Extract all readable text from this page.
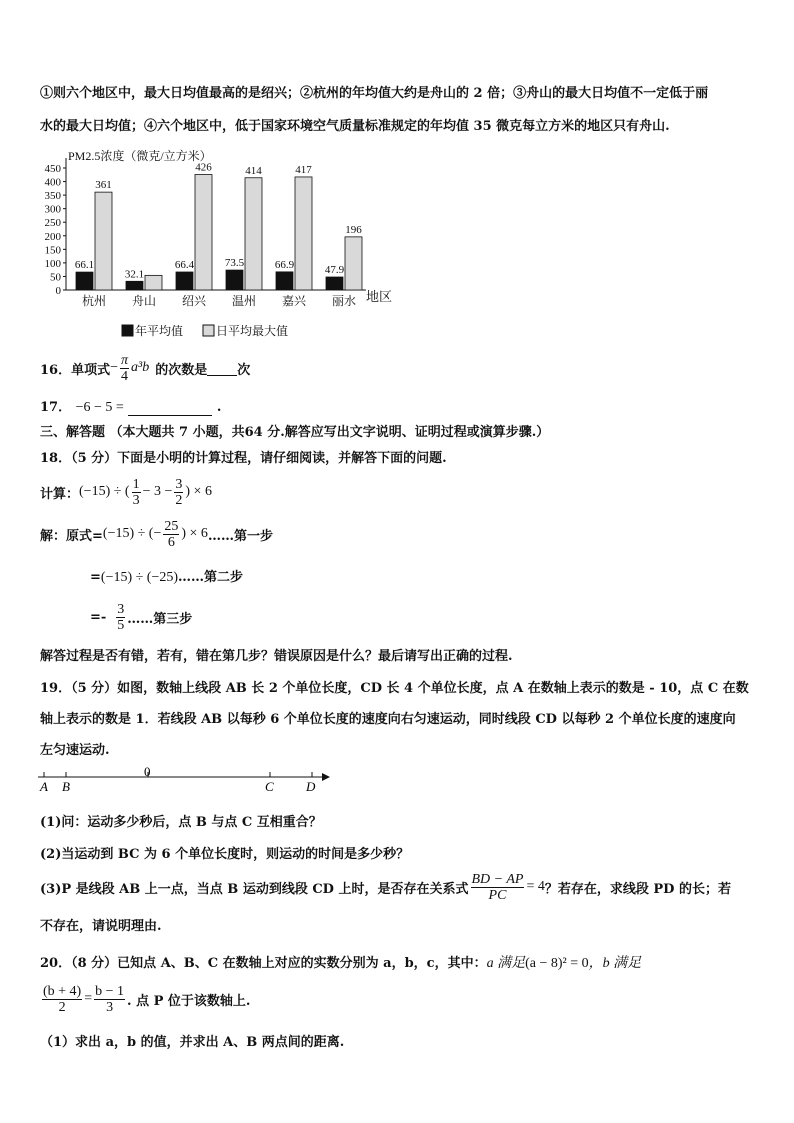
①则六个地区中，最大日均值最高的是绍兴；②杭州的年均值大约是舟山的 2 倍；③舟山的最大日均值不一定低于丽
水的最大日均值；④六个地区中，低于国家环境空气质量标准规定的年均值 35 微克每立方米的地区只有舟山.
PM2.5浓度（微克/立方米）
地区
0
50
100
150
200
250
300
350
400
450
66.1
361
杭州
32.1
舟山
66.4
426
绍兴
73.5
414
温州
66.9
417
嘉兴
47.9
196
丽水
年平均值	日平均最大值
16． 单项式 − $\frac{\pi}{4} a^3b$ 的次数是 次
17． −6 − 5 =	.
三、解答题 （本大题共 7 小题，共64 分.解答应写出文字说明、证明过程或演算步骤.）
18．（5 分）下面是小明的计算过程，请仔细阅读，并解答下面的问题.
计算： (−15) ÷ ( $\frac{1}{3} - 3 - \frac{3}{2}$ ) × 6
解：原式= (−15) ÷ (− $\frac{25}{6}$ ) × 6 ……第一步
=(−15) ÷ (−25)……第二步
=- $\frac{3}{5}$ ……第三步
解答过程是否有错，若有，错在第几步？错误原因是什么？最后请写出正确的过程.
19．（5 分）如图，数轴上线段 AB 长 2 个单位长度，CD 长 4 个单位长度，点 A 在数轴上表示的数是 - 10，点 C 在数
轴上表示的数是 1．若线段 AB 以每秒 6 个单位长度的速度向右匀速运动，同时线段 CD 以每秒 2 个单位长度的速度向
左匀速运动.
A B
0
C D
(1)问：运动多少秒后，点 B 与点 C 互相重合？
(2)当运动到 BC 为 6 个单位长度时，则运动的时间是多少秒？
(3)P 是线段 AB 上一点，当点 B 运动到线段 CD 上时，是否存在关系式 $\frac{BD - AP}{PC} = 4$ ？若存在，求线段 PD 的长；若
不存在，请说明理由.
20．（8 分）已知点 A、B、C 在数轴上对应的实数分别为 a，b，c，其中：a 满足(a − 8)² = 0，b 满足
$\frac{(b + 4)}{2} = \frac{b - 1}{3}$ . 点 P 位于该数轴上.
（1）求出 a，b 的值，并求出 A、B 两点间的距离.
